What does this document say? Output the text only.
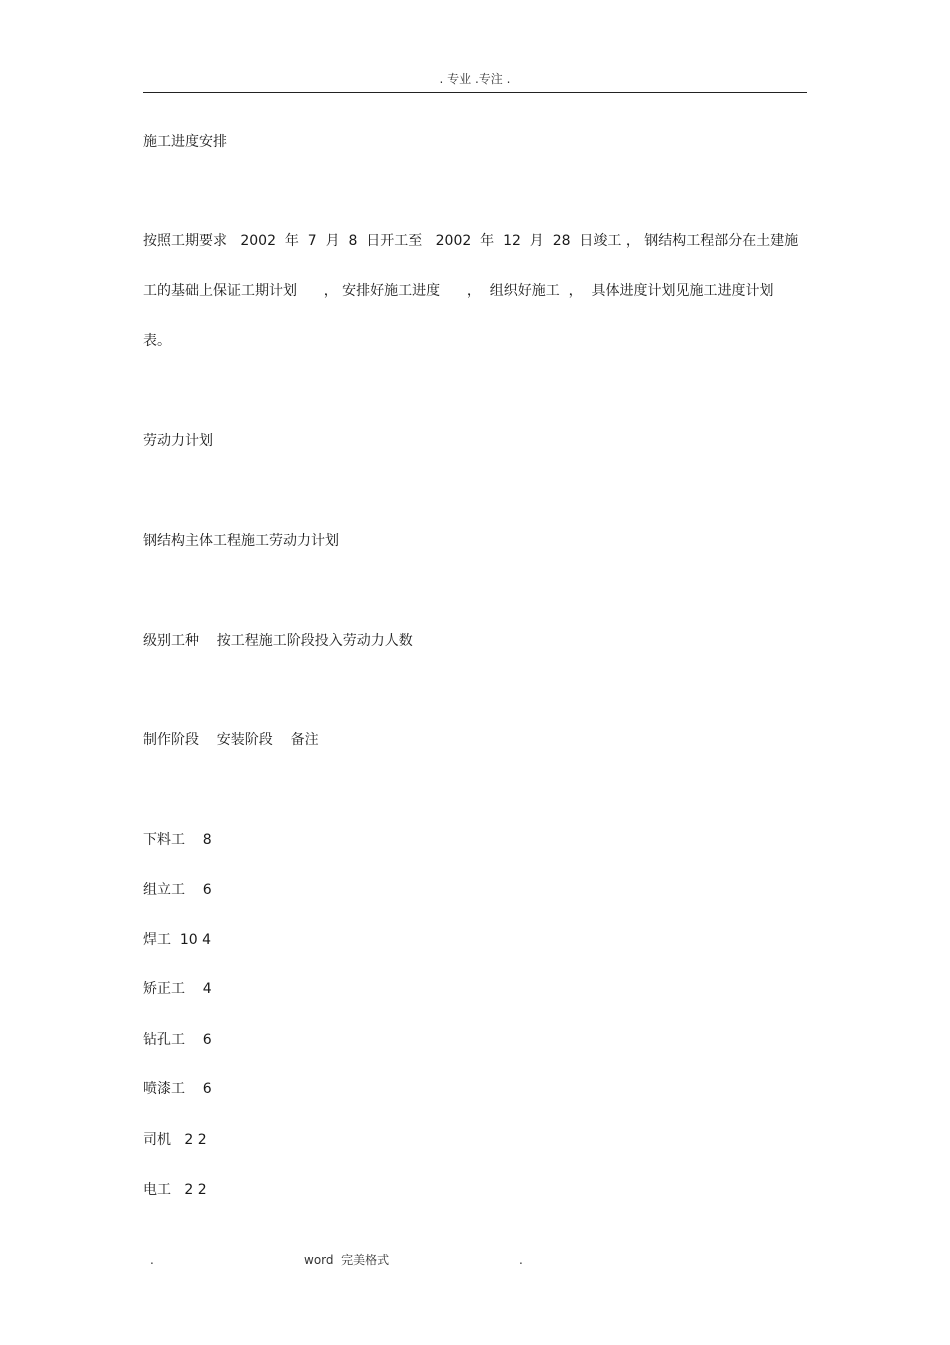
. 专业 .专注 .
施工进度安排
按照工期要求   2002  年  7  月  8  日开工至   2002  年  12  月  28  日竣工 ， 钢结构工程部分在土建施
工的基础上保证工期计划      ， 安排好施工进度      ，  组织好施工  ，  具体进度计划见施工进度计划
表。
劳动力计划
钢结构主体工程施工劳动力计划
级别工种    按工程施工阶段投入劳动力人数
制作阶段    安装阶段    备注
下料工    8
组立工    6
焊工  10 4
矫正工    4
钻孔工    6
喷漆工    6
司机   2 2
电工   2 2
.	word  完美格式	.
